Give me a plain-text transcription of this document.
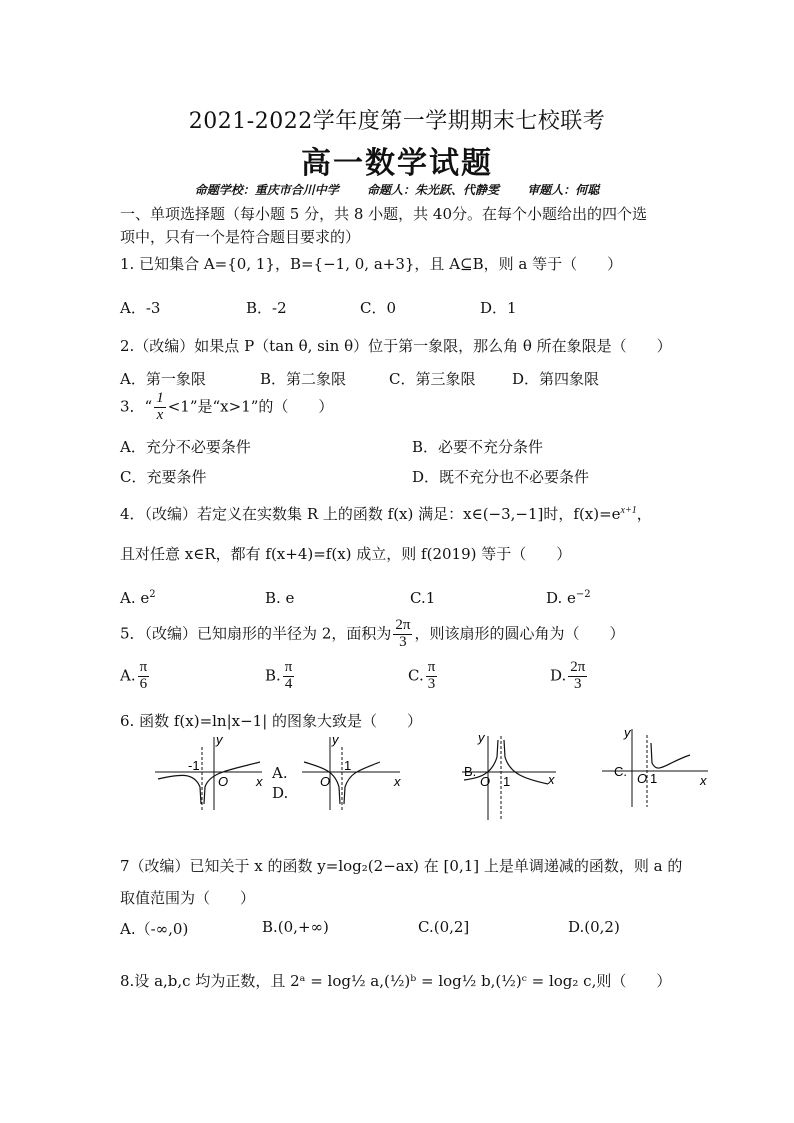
2021-2022学年度第一学期期末七校联考
高一数学试题
命题学校：重庆市合川中学 命题人：朱光跃、代静雯 审题人：何聪
一、单项选择题（每小题 5 分，共 8 小题，共 40分。在每个小题给出的四个选
项中，只有一个是符合题目要求的）
1. 已知集合 A={0, 1}，B={−1, 0, a+3}，且 A⊆B，则 a 等于（　　）
A．-3	B．-2	C．0	D．1
2.（改编）如果点 P（tan θ, sin θ）位于第一象限，那么角 θ 所在象限是（　　）
A．第一象限	B．第二象限	C．第三象限 D．第四象限
3．“ $\frac{1}{x} <1$”是“x>1”的（　　）
A．充分不必要条件	B．必要不充分条件
C．充要条件	D．既不充分也不必要条件
4．（改编）若定义在实数集 R 上的函数 f(x) 满足：x∈(−3,−1]时，$f(x)=e^{x+1}$，
且对任意 x∈R，都有 f(x+4)=f(x) 成立，则 f(2019) 等于（　　）
A. $e^2$	B. e	C.1	D. $e^{-2}$
5．（改编）已知扇形的半径为 2，面积为 $\frac{2\pi}{3}$ ，则该扇形的圆心角为（　　）
A. $\frac{\pi}{6}$	B. $\frac{\pi}{4}$	C. $\frac{\pi}{3}$	D. $\frac{2\pi}{3}$
6. 函数 f(x)=ln|x−1| 的图象大致是（　　）
-1
O
y
x A.
D.
1
O
y
x
B.
O 1
y
x
C. O 1
y
x
7（改编）已知关于 x 的函数 y=log₂(2−ax) 在 [0,1] 上是单调递减的函数，则 a 的
取值范围为（　　）
A.（-∞,0)	B.(0,+∞)	C.(0,2]	D.(0,2)
8.设 a,b,c 均为正数，且 2ᵃ = log½ a,(½)ᵇ = log½ b,(½)ᶜ = log₂ c,则（　　）
